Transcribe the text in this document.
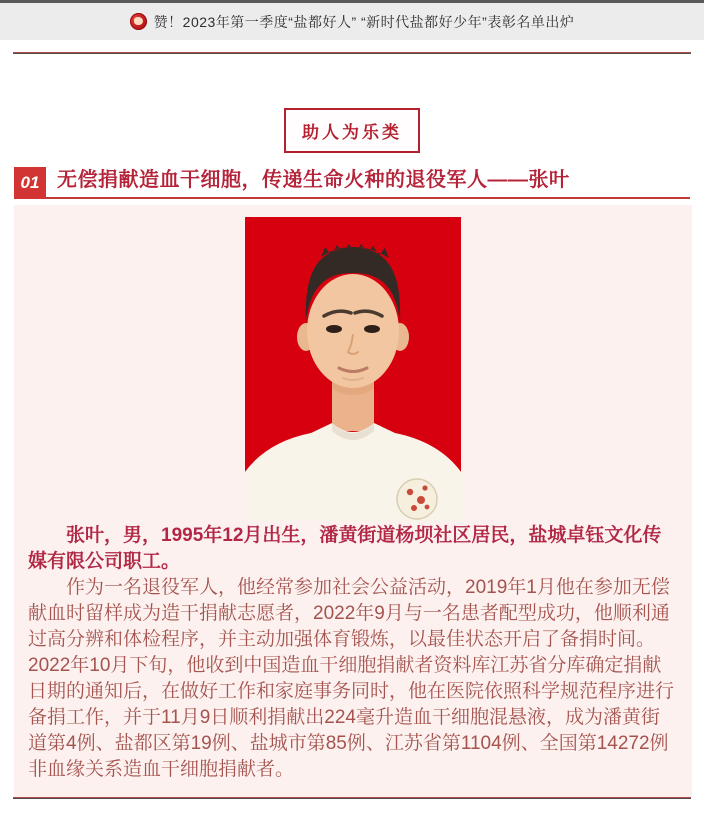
赞！2023年第一季度“盐都好人” “新时代盐都好少年”表彰名单出炉
助人为乐类
01 无偿捐献造血干细胞，传递生命火种的退役军人——张叶

张叶，男，1995年12月出生，潘黄街道杨坝社区居民，盐城卓钰文化传媒有限公司职工。

作为一名退役军人，他经常参加社会公益活动，2019年1月他在参加无偿献血时留样成为造干捐献志愿者，2022年9月与一名患者配型成功，他顺利通过高分辨和体检程序，并主动加强体育锻炼，以最佳状态开启了备捐时间。2022年10月下旬，他收到中国造血干细胞捐献者资料库江苏省分库确定捐献日期的通知后，在做好工作和家庭事务同时，他在医院依照科学规范程序进行备捐工作，并于11月9日顺利捐献出224毫升造血干细胞混悬液，成为潘黄街道第4例、盐都区第19例、盐城市第85例、江苏省第1104例、全国第14272例非血缘关系造血干细胞捐献者。
